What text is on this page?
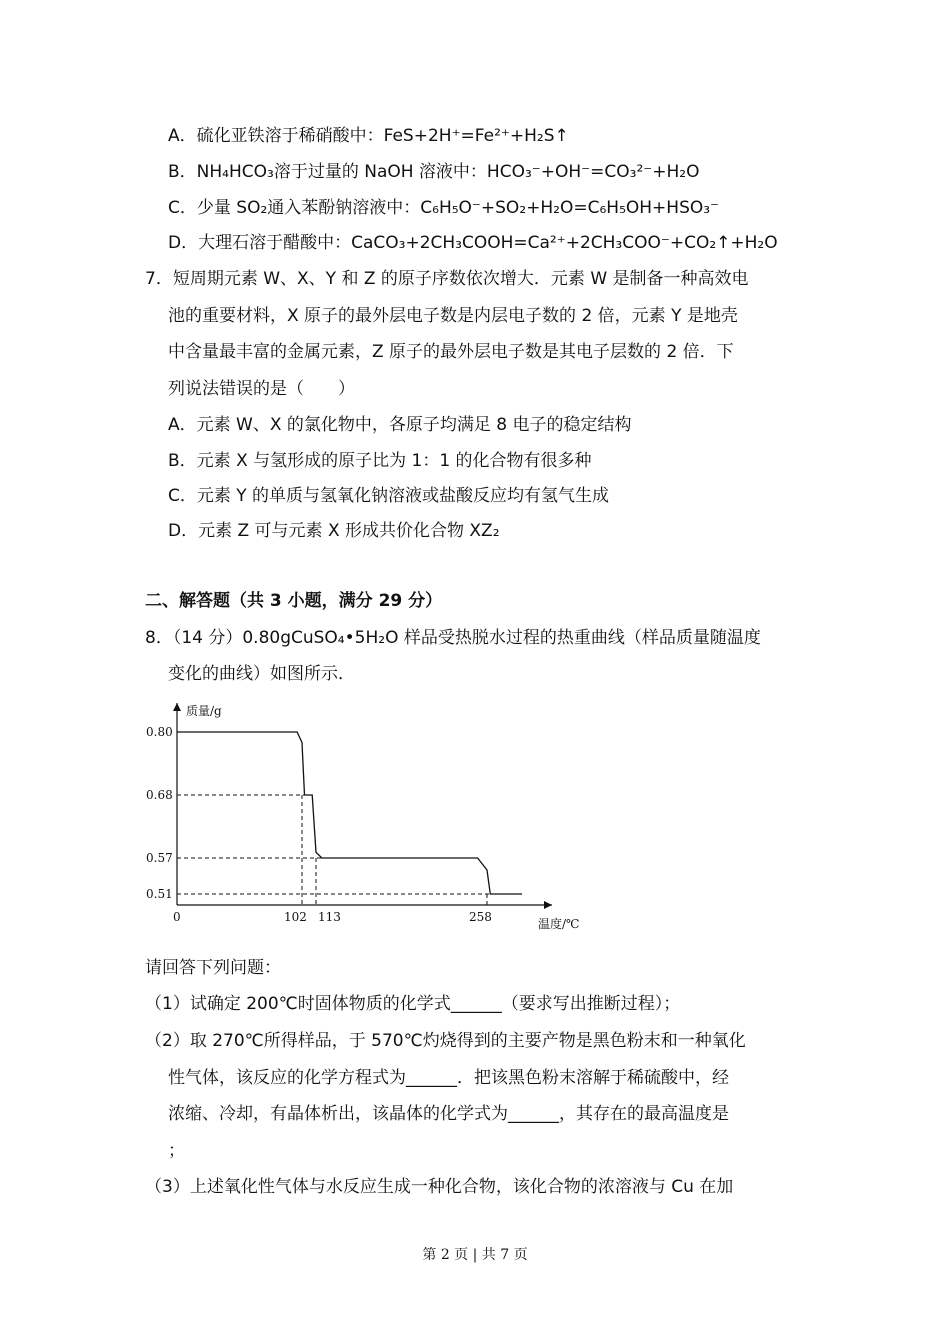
A．硫化亚铁溶于稀硝酸中：FeS+2H⁺=Fe²⁺+H₂S↑
B．NH₄HCO₃溶于过量的 NaOH 溶液中：HCO₃⁻+OH⁻=CO₃²⁻+H₂O
C．少量 SO₂通入苯酚钠溶液中：C₆H₅O⁻+SO₂+H₂O=C₆H₅OH+HSO₃⁻
D．大理石溶于醋酸中：CaCO₃+2CH₃COOH=Ca²⁺+2CH₃COO⁻+CO₂↑+H₂O
7．短周期元素 W、X、Y 和 Z 的原子序数依次增大．元素 W 是制备一种高效电
池的重要材料，X 原子的最外层电子数是内层电子数的 2 倍，元素 Y 是地壳
中含量最丰富的金属元素，Z 原子的最外层电子数是其电子层数的 2 倍．下
列说法错误的是（　　）
A．元素 W、X 的氯化物中，各原子均满足 8 电子的稳定结构
B．元素 X 与氢形成的原子比为 1：1 的化合物有很多种
C．元素 Y 的单质与氢氧化钠溶液或盐酸反应均有氢气生成
D．元素 Z 可与元素 X 形成共价化合物 XZ₂
二、解答题（共 3 小题，满分 29 分）
8．（14 分）0.80gCuSO₄•5H₂O 样品受热脱水过程的热重曲线（样品质量随温度
变化的曲线）如图所示．
质量/g
温度/℃
0
0.80
0.68
0.57
0.51
102 113	258
请回答下列问题：
（1）试确定 200℃时固体物质的化学式______（要求写出推断过程）；
（2）取 270℃所得样品，于 570℃灼烧得到的主要产物是黑色粉末和一种氧化
性气体，该反应的化学方程式为______．把该黑色粉末溶解于稀硫酸中，经
浓缩、冷却，有晶体析出，该晶体的化学式为______，其存在的最高温度是
；
（3）上述氧化性气体与水反应生成一种化合物，该化合物的浓溶液与 Cu 在加
第 2 页 | 共 7 页
